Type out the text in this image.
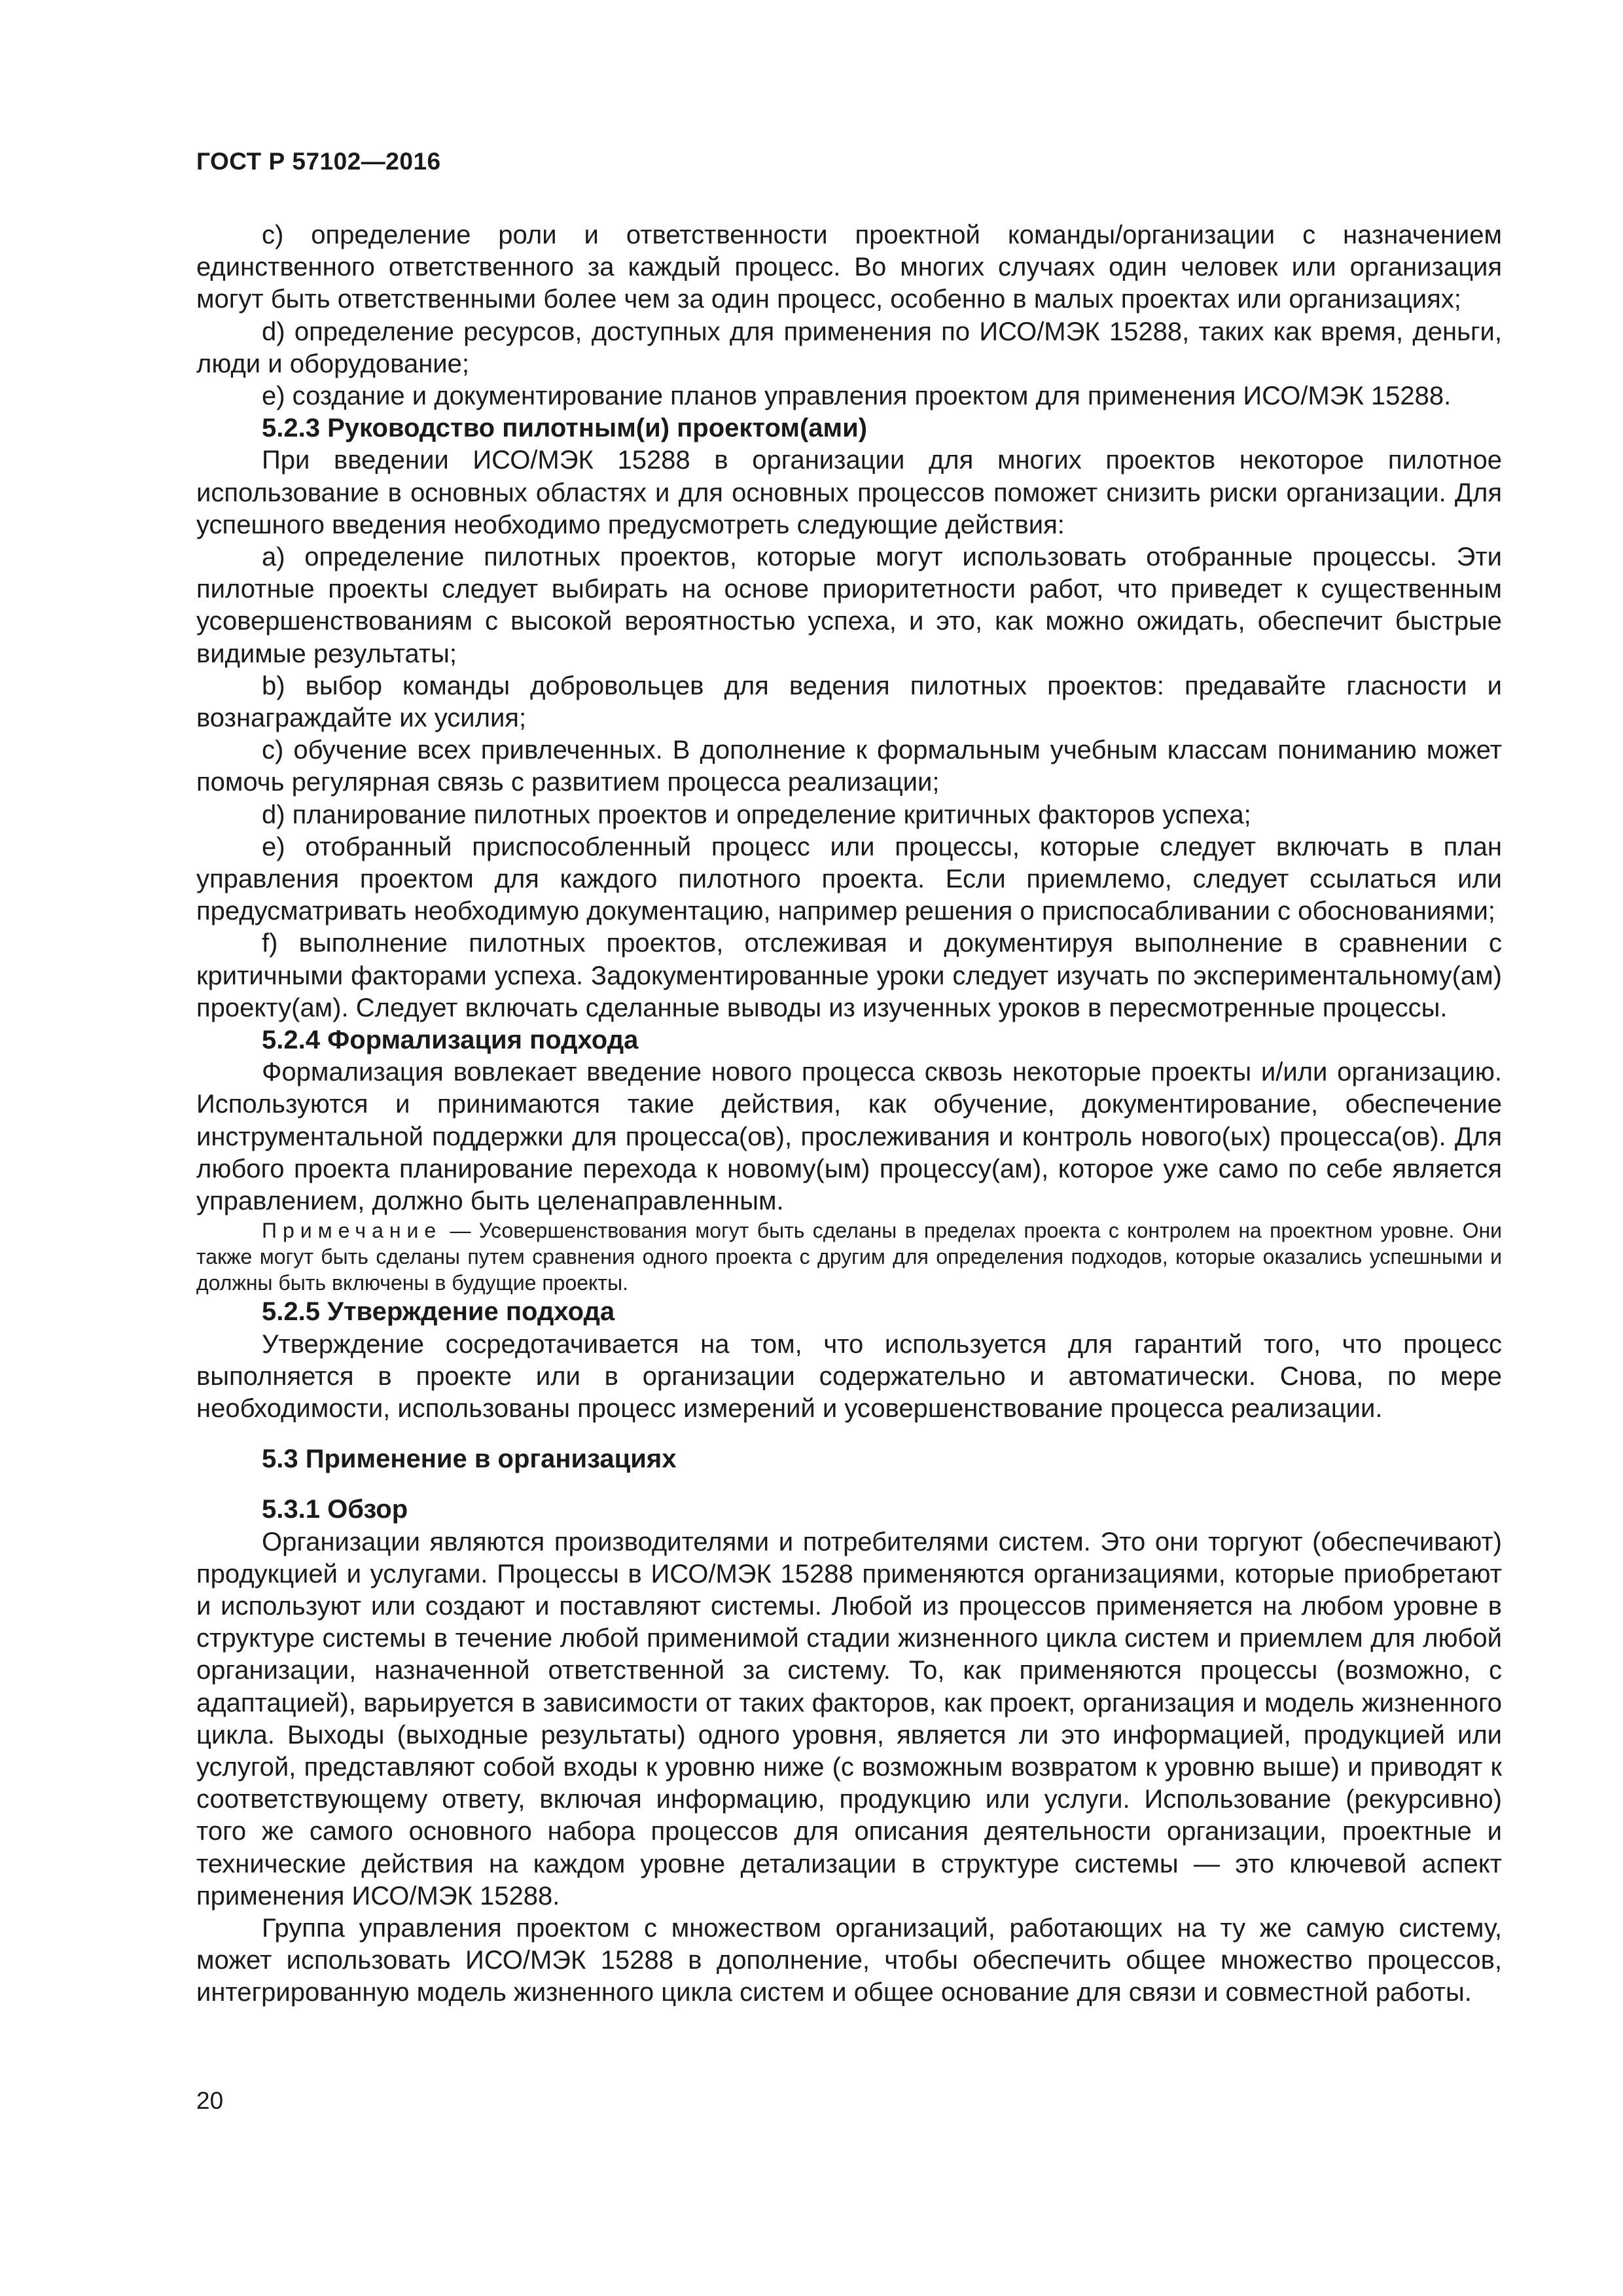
ГОСТ Р 57102—2016

c) определение роли и ответственности проектной команды/организации с назначением единственного ответственного за каждый процесс. Во многих случаях один человек или организация могут быть ответственными более чем за один процесс, особенно в малых проектах или организациях;

d) определение ресурсов, доступных для применения по ИСО/МЭК 15288, таких как время, деньги, люди и оборудование;

e) создание и документирование планов управления проектом для применения ИСО/МЭК 15288.

5.2.3 Руководство пилотным(и) проектом(ами)

При введении ИСО/МЭК 15288 в организации для многих проектов некоторое пилотное использование в основных областях и для основных процессов поможет снизить риски организации. Для успешного введения необходимо предусмотреть следующие действия:

a) определение пилотных проектов, которые могут использовать отобранные процессы. Эти пилотные проекты следует выбирать на основе приоритетности работ, что приведет к существенным усовершенствованиям с высокой вероятностью успеха, и это, как можно ожидать, обеспечит быстрые видимые результаты;

b) выбор команды добровольцев для ведения пилотных проектов: предавайте гласности и вознаграждайте их усилия;

c) обучение всех привлеченных. В дополнение к формальным учебным классам пониманию может помочь регулярная связь с развитием процесса реализации;

d) планирование пилотных проектов и определение критичных факторов успеха;

e) отобранный приспособленный процесс или процессы, которые следует включать в план управления проектом для каждого пилотного проекта. Если приемлемо, следует ссылаться или предусматривать необходимую документацию, например решения о приспосабливании с обоснованиями;

f) выполнение пилотных проектов, отслеживая и документируя выполнение в сравнении с критичными факторами успеха. Задокументированные уроки следует изучать по экспериментальному(ам) проекту(ам). Следует включать сделанные выводы из изученных уроков в пересмотренные процессы.

5.2.4 Формализация подхода

Формализация вовлекает введение нового процесса сквозь некоторые проекты и/или организацию. Используются и принимаются такие действия, как обучение, документирование, обеспечение инструментальной поддержки для процесса(ов), прослеживания и контроль нового(ых) процесса(ов). Для любого проекта планирование перехода к новому(ым) процессу(ам), которое уже само по себе является управлением, должно быть целенаправленным.

Примечание — Усовершенствования могут быть сделаны в пределах проекта с контролем на проектном уровне. Они также могут быть сделаны путем сравнения одного проекта с другим для определения подходов, которые оказались успешными и должны быть включены в будущие проекты.

5.2.5 Утверждение подхода

Утверждение сосредотачивается на том, что используется для гарантий того, что процесс выполняется в проекте или в организации содержательно и автоматически. Снова, по мере необходимости, использованы процесс измерений и усовершенствование процесса реализации.

5.3 Применение в организациях
5.3.1 Обзор

Организации являются производителями и потребителями систем. Это они торгуют (обеспечивают) продукцией и услугами. Процессы в ИСО/МЭК 15288 применяются организациями, которые приобретают и используют или создают и поставляют системы. Любой из процессов применяется на любом уровне в структуре системы в течение любой применимой стадии жизненного цикла систем и приемлем для любой организации, назначенной ответственной за систему. То, как применяются процессы (возможно, с адаптацией), варьируется в зависимости от таких факторов, как проект, организация и модель жизненного цикла. Выходы (выходные результаты) одного уровня, является ли это информацией, продукцией или услугой, представляют собой входы к уровню ниже (с возможным возвратом к уровню выше) и приводят к соответствующему ответу, включая информацию, продукцию или услуги. Использование (рекурсивно) того же самого основного набора процессов для описания деятельности организации, проектные и технические действия на каждом уровне детализации в структуре системы — это ключевой аспект применения ИСО/МЭК 15288.

Группа управления проектом с множеством организаций, работающих на ту же самую систему, может использовать ИСО/МЭК 15288 в дополнение, чтобы обеспечить общее множество процессов, интегрированную модель жизненного цикла систем и общее основание для связи и совместной работы.

20
